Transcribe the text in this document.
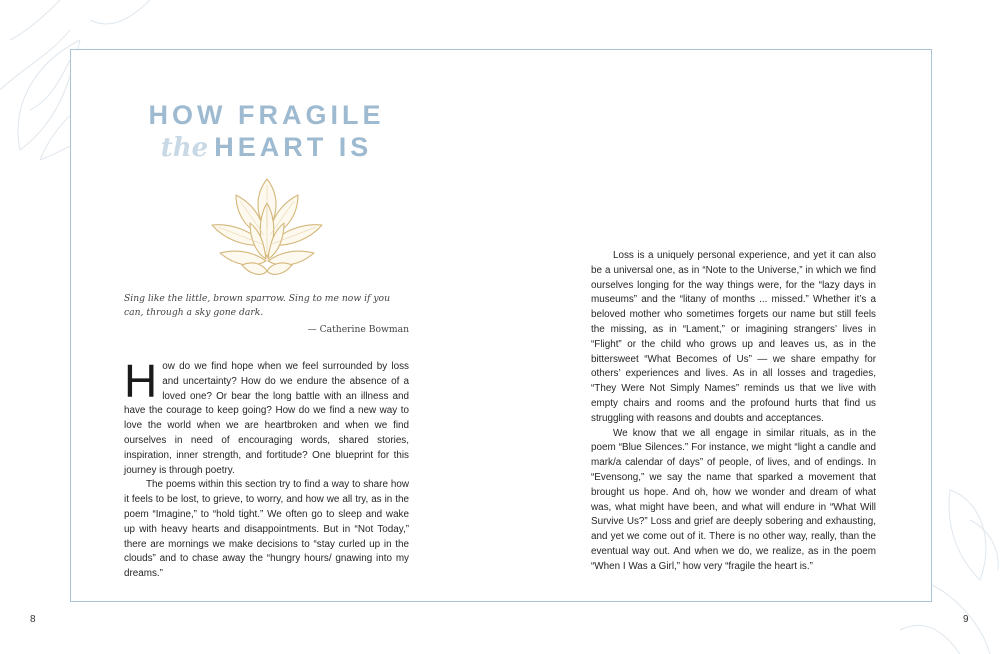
HOW FRAGILE
the HEART IS
Sing like the little, brown sparrow. Sing to me now if you can, through a sky gone dark.
— Catherine Bowman

How do we find hope when we feel surrounded by loss and uncertainty? How do we endure the absence of a loved one? Or bear the long battle with an illness and have the courage to keep going? How do we find a new way to love the world when we are heartbroken and when we find ourselves in need of encouraging words, shared stories, inspiration, inner strength, and fortitude? One blueprint for this journey is through poetry.

The poems within this section try to find a way to share how it feels to be lost, to grieve, to worry, and how we all try, as in the poem “Imagine,” to “hold tight.” We often go to sleep and wake up with heavy hearts and disappointments. But in “Not Today,” there are mornings we make decisions to “stay curled up in the clouds” and to chase away the “hungry hours/ gnawing into my dreams.”

Loss is a uniquely personal experience, and yet it can also be a universal one, as in “Note to the Universe,” in which we find ourselves longing for the way things were, for the “lazy days in museums” and the “litany of months ... missed.” Whether it’s a beloved mother who sometimes forgets our name but still feels the missing, as in “Lament,” or imagining strangers’ lives in “Flight” or the child who grows up and leaves us, as in the bittersweet “What Becomes of Us” — we share empathy for others’ experiences and lives. As in all losses and tragedies, “They Were Not Simply Names” reminds us that we live with empty chairs and rooms and the profound hurts that find us struggling with reasons and doubts and acceptances.

We know that we all engage in similar rituals, as in the poem “Blue Silences.” For instance, we might “light a candle and mark/a calendar of days” of people, of lives, and of endings. In “Evensong,” we say the name that sparked a movement that brought us hope. And oh, how we wonder and dream of what was, what might have been, and what will endure in “What Will Survive Us?” Loss and grief are deeply sobering and exhausting, and yet we come out of it. There is no other way, really, than the eventual way out. And when we do, we realize, as in the poem “When I Was a Girl,” how very “fragile the heart is.”

8	9
